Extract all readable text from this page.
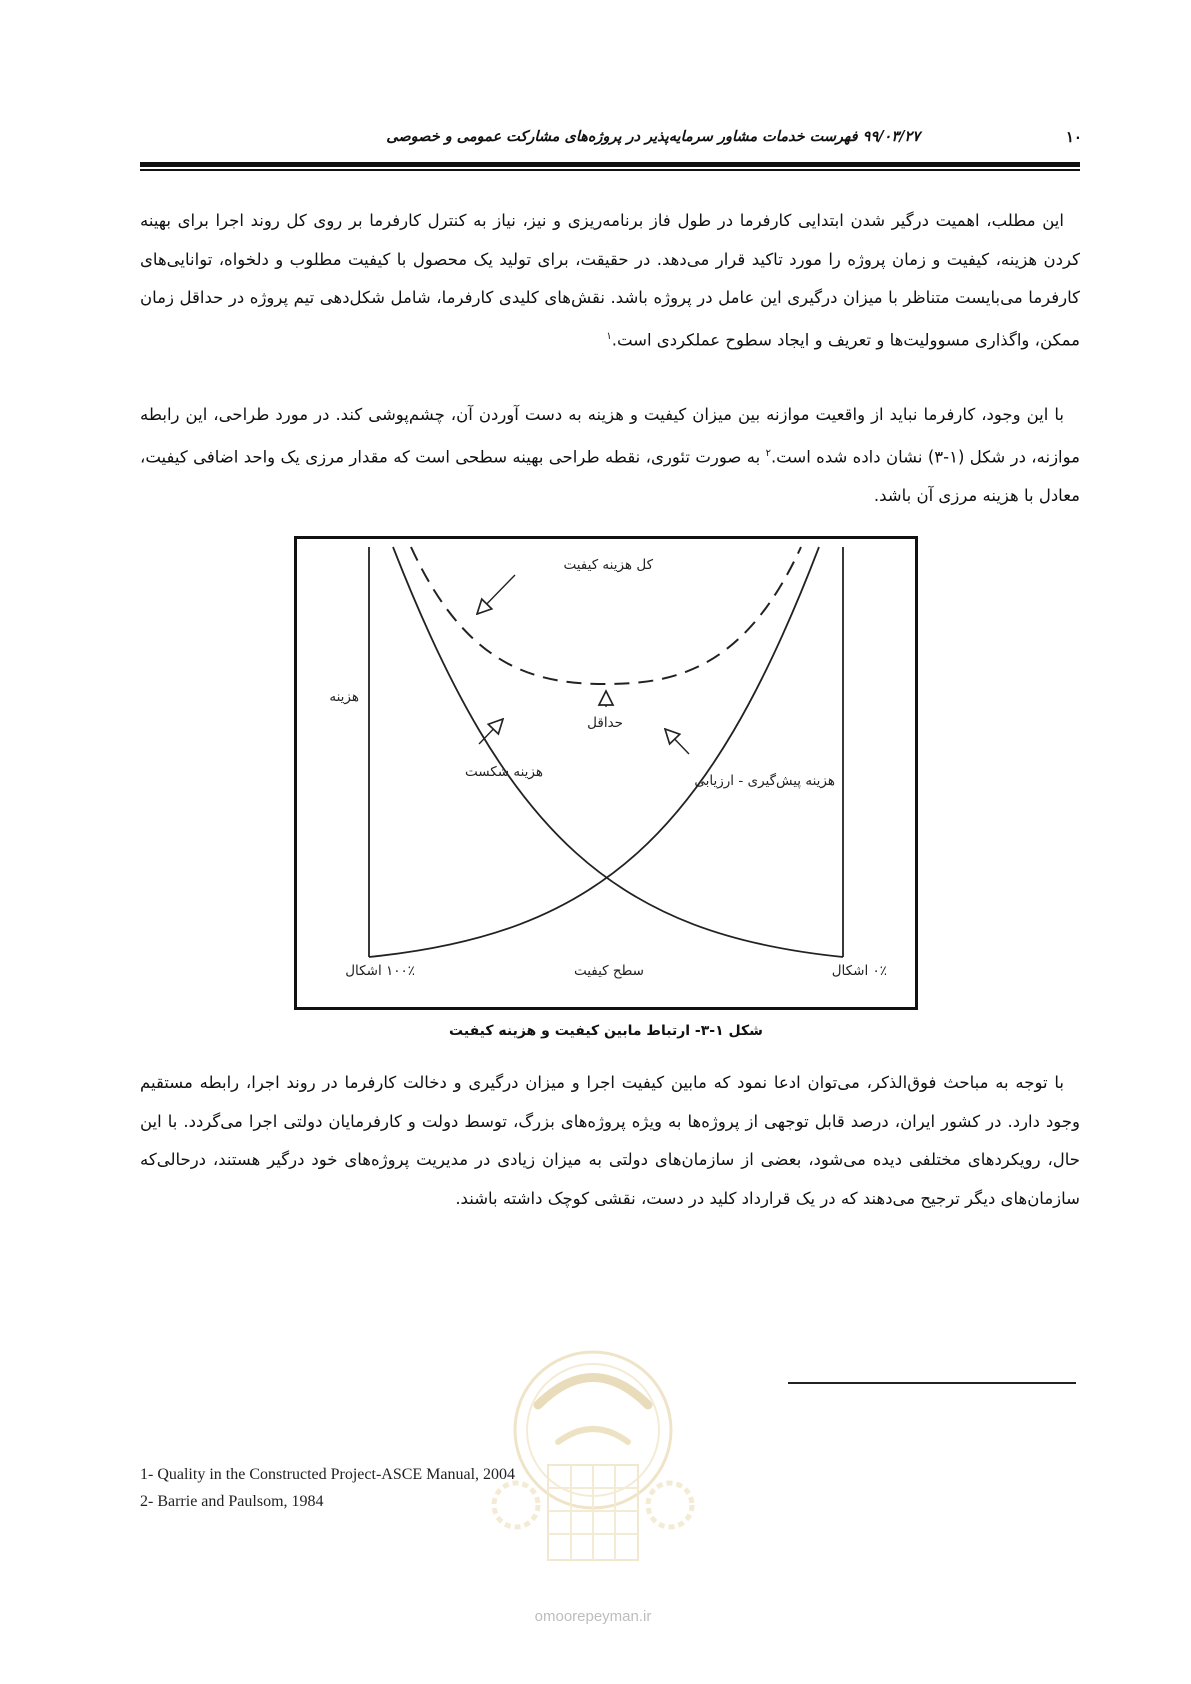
۱۰
۹۹/۰۳/۲۷ فهرست خدمات مشاور سرمایه‌پذیر در پروژه‌های مشارکت عمومی و خصوصی

این مطلب، اهمیت درگیر شدن ابتدایی کارفرما در طول فاز برنامه‌ریزی و نیز، نیاز به کنترل کارفرما بر روی کل روند اجرا برای بهینه کردن هزینه، کیفیت و زمان پروژه را مورد تاکید قرار می‌دهد. در حقیقت، برای تولید یک محصول با کیفیت مطلوب و دلخواه، توانایی‌های کارفرما می‌بایست متناظر با میزان درگیری این عامل در پروژه باشد. نقش‌های کلیدی کارفرما، شامل شکل‌دهی تیم پروژه در حداقل زمان ممکن، واگذاری مسوولیت‌ها و تعریف و ایجاد سطوح عملکردی است.$^۱$

با این وجود، کارفرما نباید از واقعیت موازنه بین میزان کیفیت و هزینه به دست آوردن آن، چشم‌پوشی کند. در مورد طراحی، این رابطه موازنه، در شکل (۱-۳) نشان داده شده است.$^۲$ به صورت تئوری، نقطه طراحی بهینه سطحی است که مقدار مرزی یک واحد اضافی کیفیت، معادل با هزینه مرزی آن باشد.

کل هزینه کیفیت
هزینه
حداقل
هزینه شکست
هزینه پیش‌گیری - ارزیابی
سطح کیفیت
۱۰۰٪ اشکال	۰٪ اشکال
شکل ۱-۳- ارتباط مابین کیفیت و هزینه کیفیت

با توجه به مباحث فوق‌الذکر، می‌توان ادعا نمود که مابین کیفیت اجرا و میزان درگیری و دخالت کارفرما در روند اجرا، رابطه مستقیم وجود دارد. در کشور ایران، درصد قابل توجهی از پروژه‌ها به ویژه پروژه‌های بزرگ، توسط دولت و کارفرمایان دولتی اجرا می‌گردد. با این حال، رویکردهای مختلفی دیده می‌شود، بعضی از سازمان‌های دولتی به میزان زیادی در مدیریت پروژه‌های خود درگیر هستند، درحالی‌که سازمان‌های دیگر ترجیح می‌دهند که در یک قرارداد کلید در دست، نقشی کوچک داشته باشند.

1- Quality in the Constructed Project-ASCE Manual, 2004
2- Barrie and Paulsom, 1984
omoorepeyman.ir
